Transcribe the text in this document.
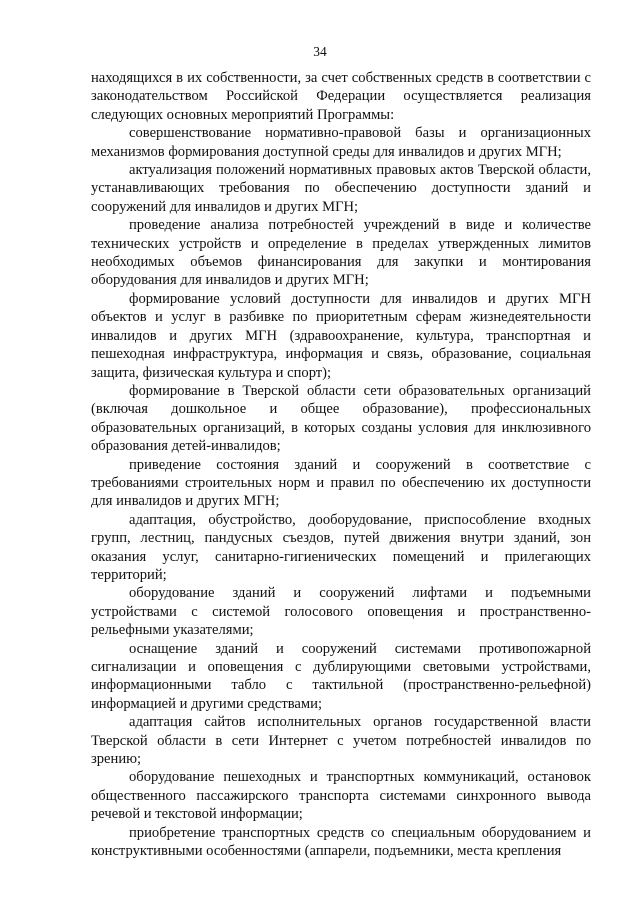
34

находящихся в их собственности, за счет собственных средств в соответствии с законодательством Российской Федерации осуществляется реализация следующих основных мероприятий Программы:

совершенствование нормативно-правовой базы и организационных механизмов формирования доступной среды для инвалидов и других МГН;

актуализация положений нормативных правовых актов Тверской области, устанавливающих требования по обеспечению доступности зданий и сооружений для инвалидов и других МГН;

проведение анализа потребностей учреждений в виде и количестве технических устройств и определение в пределах утвержденных лимитов необходимых объемов финансирования для закупки и монтирования оборудования для инвалидов и других МГН;

формирование условий доступности для инвалидов и других МГН объектов и услуг в разбивке по приоритетным сферам жизнедеятельности инвалидов и других МГН (здравоохранение, культура, транспортная и пешеходная инфраструктура, информация и связь, образование, социальная защита, физическая культура и спорт);

формирование в Тверской области сети образовательных организаций (включая дошкольное и общее образование), профессиональных образовательных организаций, в которых созданы условия для инклюзивного образования детей-инвалидов;

приведение состояния зданий и сооружений в соответствие с требованиями строительных норм и правил по обеспечению их доступности для инвалидов и других МГН;

адаптация, обустройство, дооборудование, приспособление входных групп, лестниц, пандусных съездов, путей движения внутри зданий, зон оказания услуг, санитарно-гигиенических помещений и прилегающих территорий;

оборудование зданий и сооружений лифтами и подъемными устройствами с системой голосового оповещения и пространственно-рельефными указателями;

оснащение зданий и сооружений системами противопожарной сигнализации и оповещения с дублирующими световыми устройствами, информационными табло с тактильной (пространственно-рельефной) информацией и другими средствами;

адаптация сайтов исполнительных органов государственной власти Тверской области в сети Интернет с учетом потребностей инвалидов по зрению;

оборудование пешеходных и транспортных коммуникаций, остановок общественного пассажирского транспорта системами синхронного вывода речевой и текстовой информации;

приобретение транспортных средств со специальным оборудованием и конструктивными особенностями (аппарели, подъемники, места крепления
